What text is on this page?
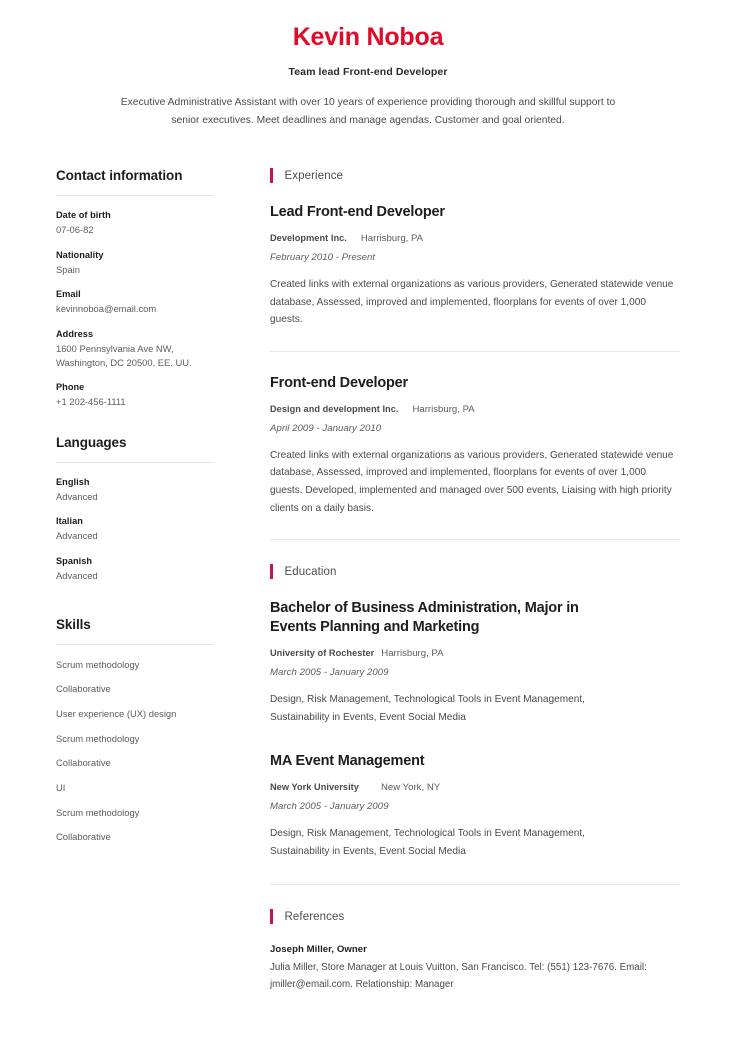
Kevin Noboa
Team lead Front-end Developer
Executive Administrative Assistant with over 10 years of experience providing thorough and skillful support to senior executives. Meet deadlines and manage agendas. Customer and goal oriented.
Contact information
Date of birth
07-06-82
Nationality
Spain
Email
kevinnoboa@email.com
Address
1600 Pennsylvania Ave NW, Washington, DC 20500, EE. UU.
Phone
+1 202-456-1111
Languages
English
Advanced
Italian
Advanced
Spanish
Advanced
Skills
Scrum methodology
Collaborative
User experience (UX) design
Scrum methodology
Collaborative
UI
Scrum methodology
Collaborative
Experience
Lead Front-end Developer
Development Inc. Harrisburg, PA
February 2010 - Present
Created links with external organizations as various providers, Generated statewide venue database, Assessed, improved and implemented, floorplans for events of over 1,000 guests.
Front-end Developer
Design and development Inc. Harrisburg, PA
April 2009 - January 2010
Created links with external organizations as various providers, Generated statewide venue database, Assessed, improved and implemented, floorplans for events of over 1,000 guests. Developed, implemented and managed over 500 events, Liaising with high priority clients on a daily basis.
Education
Bachelor of Business Administration, Major in Events Planning and Marketing
University of Rochester Harrisburg, PA
March 2005 - January 2009
Design, Risk Management, Technological Tools in Event Management, Sustainability in Events, Event Social Media
MA Event Management
New York University New York, NY
March 2005 - January 2009
Design, Risk Management, Technological Tools in Event Management, Sustainability in Events, Event Social Media
References
Joseph Miller, Owner
Julia Miller, Store Manager at Louis Vuitton, San Francisco. Tel: (551) 123-7676. Email: jmiller@email.com. Relationship: Manager
